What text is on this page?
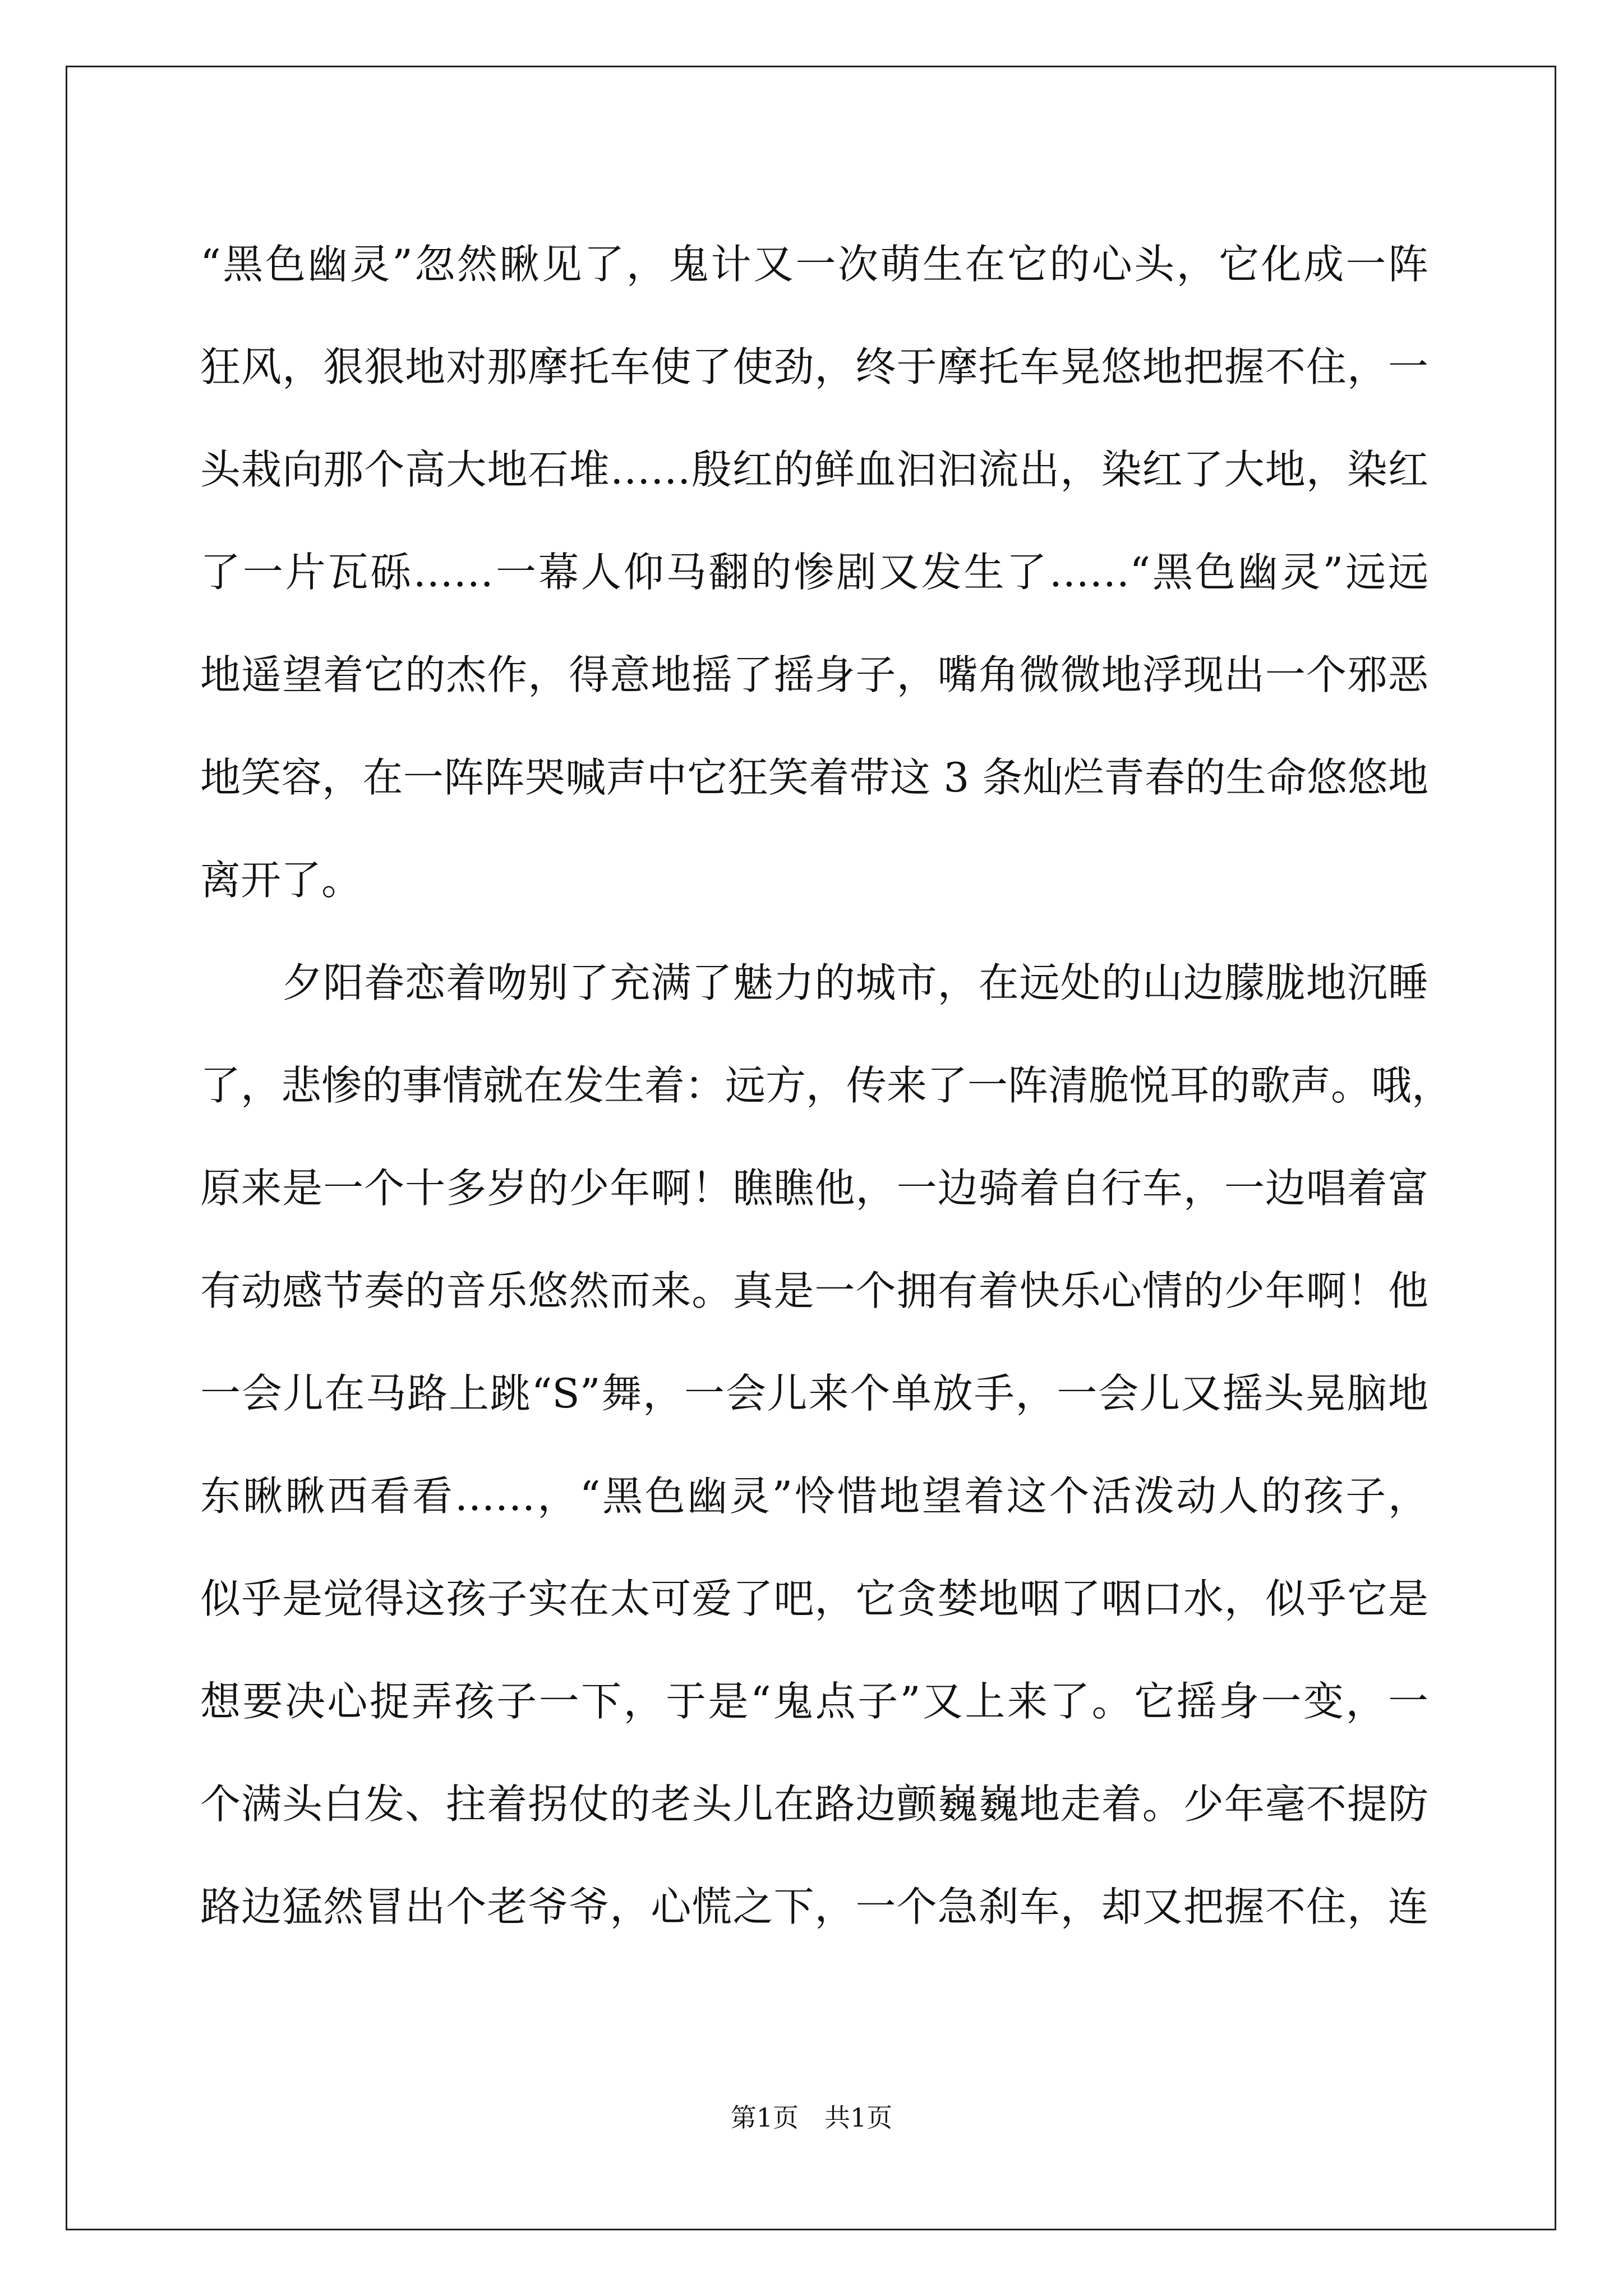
“黑色幽灵”忽然瞅见了，鬼计又一次萌生在它的心头，它化成一阵
狂风，狠狠地对那摩托车使了使劲，终于摩托车晃悠地把握不住，一
头栽向那个高大地石堆……殷红的鲜血汩汩流出，染红了大地，染红
了一片瓦砾……一幕人仰马翻的惨剧又发生了……“黑色幽灵”远远
地遥望着它的杰作，得意地摇了摇身子，嘴角微微地浮现出一个邪恶
地笑容，在一阵阵哭喊声中它狂笑着带这 3 条灿烂青春的生命悠悠地
离开了。
　　夕阳眷恋着吻别了充满了魅力的城市，在远处的山边朦胧地沉睡
了，悲惨的事情就在发生着：远方，传来了一阵清脆悦耳的歌声。哦，
原来是一个十多岁的少年啊！瞧瞧他，一边骑着自行车，一边唱着富
有动感节奏的音乐悠然而来。真是一个拥有着快乐心情的少年啊！他
一会儿在马路上跳“S”舞，一会儿来个单放手，一会儿又摇头晃脑地
东瞅瞅西看看……，“黑色幽灵”怜惜地望着这个活泼动人的孩子，
似乎是觉得这孩子实在太可爱了吧，它贪婪地咽了咽口水，似乎它是
想要决心捉弄孩子一下，于是“鬼点子”又上来了。它摇身一变，一
个满头白发、拄着拐仗的老头儿在路边颤巍巍地走着。少年毫不提防
路边猛然冒出个老爷爷，心慌之下，一个急刹车，却又把握不住，连
第1页　共1页
